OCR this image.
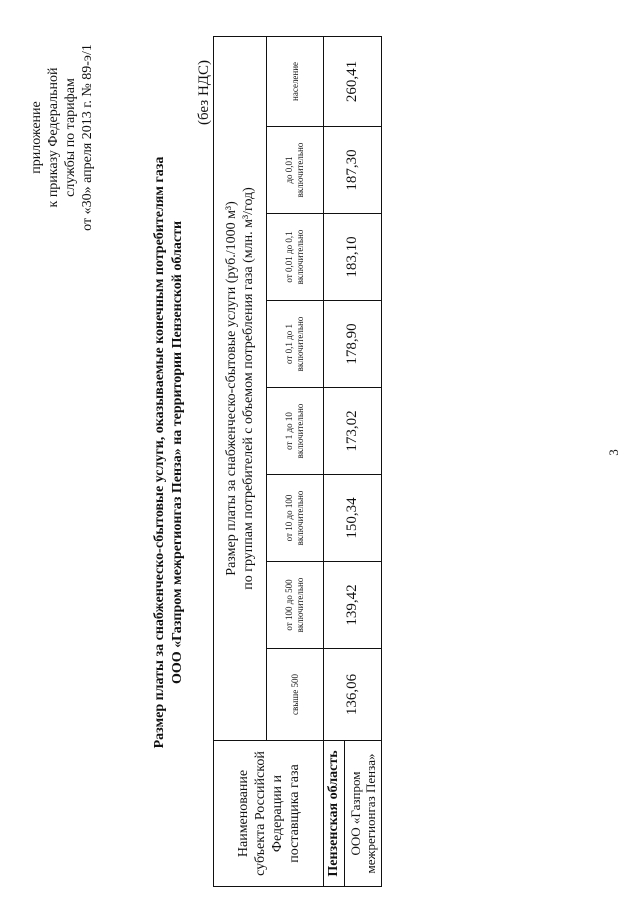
приложение к приказу Федеральной службы по тарифам от «30» апреля 2013 г. № 89-э/1
Размер платы за снабженческо-сбытовые услуги, оказываемые конечным потребителям газа ООО «Газпром межрегионгаз Пенза» на территории Пензенской области
(без НДС)
Наименование субъекта Российской Федерации и поставщика газа	Размер платы за снабженческо-сбытовые услуги (руб./1000 м³) по группам потребителей с объемом потребления газа (млн. м³/год)							

	свыше 500	от 100 до 500 включительно	от 10 до 100 включительно	от 1 до 10 включительно	от 0,1 до 1 включительно	от 0,01 до 0,1 включительно	до 0,01 включительно	население
Пензенская область	136,06	139,42	150,34	173,02	178,90	183,10	187,30	260,41

ООО «Газпром межрегионгаз Пенза»								
3
